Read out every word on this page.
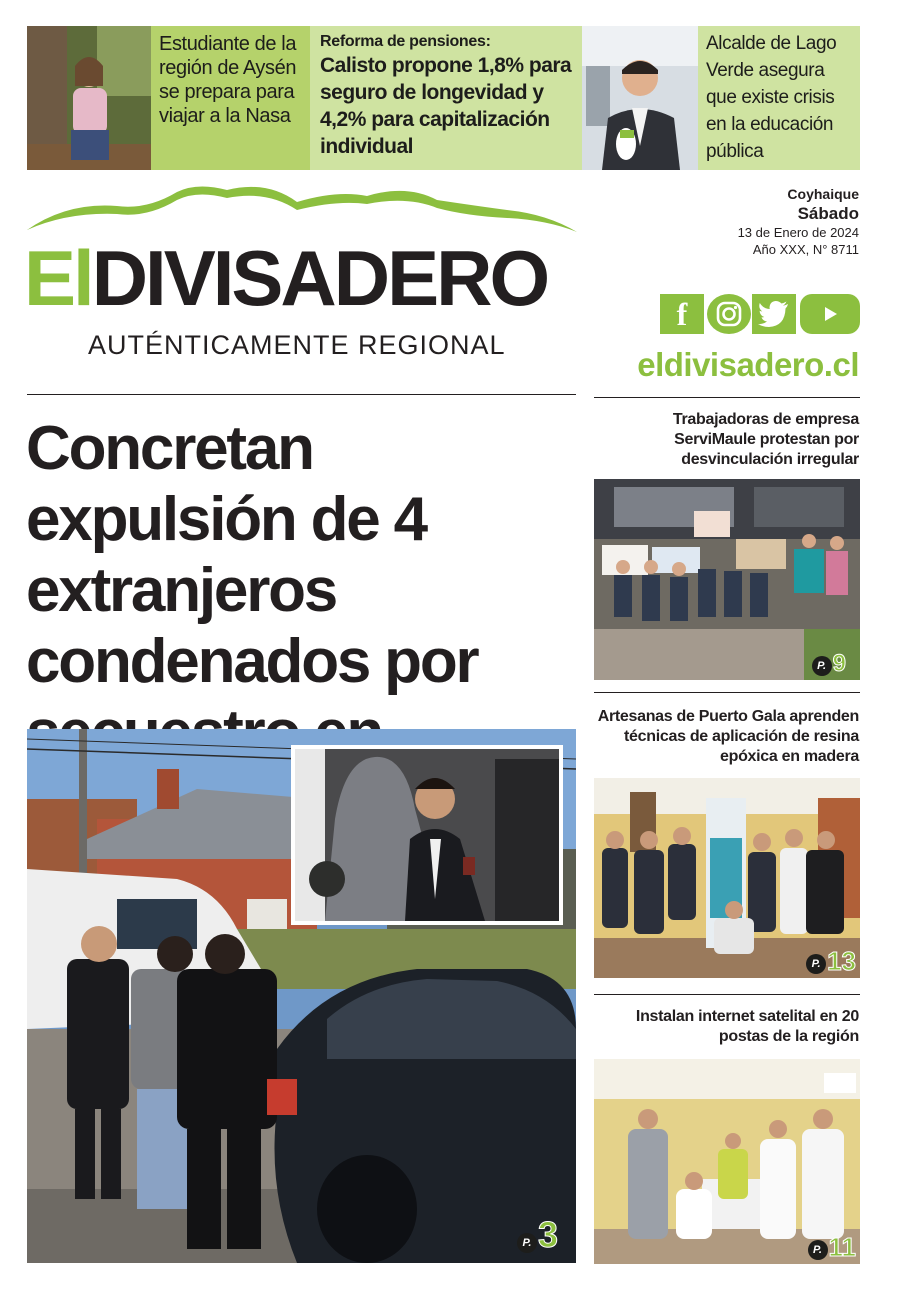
Estudiante de la región de Aysén se prepara para viajar a la Nasa
Reforma de pensiones:
Calisto propone 1,8% para seguro de longevidad y 4,2% para capitalización individual
Alcalde de Lago Verde asegura que existe crisis en la educación pública
ElDIVISADERO
AUTÉNTICAMENTE REGIONAL
Coyhaique
Sábado
13 de Enero de 2024
Año XXX, N° 8711
f
eldivisadero.cl
Concretan expulsión de 4 extranjeros condenados por
P. 3
Trabajadoras de empresa ServiMaule protestan por desvinculación irregular
P. 9
Artesanas de Puerto Gala aprenden técnicas de aplicación de resina epóxica en madera
P. 13
Instalan internet satelital en 20 postas de la región
P. 11
